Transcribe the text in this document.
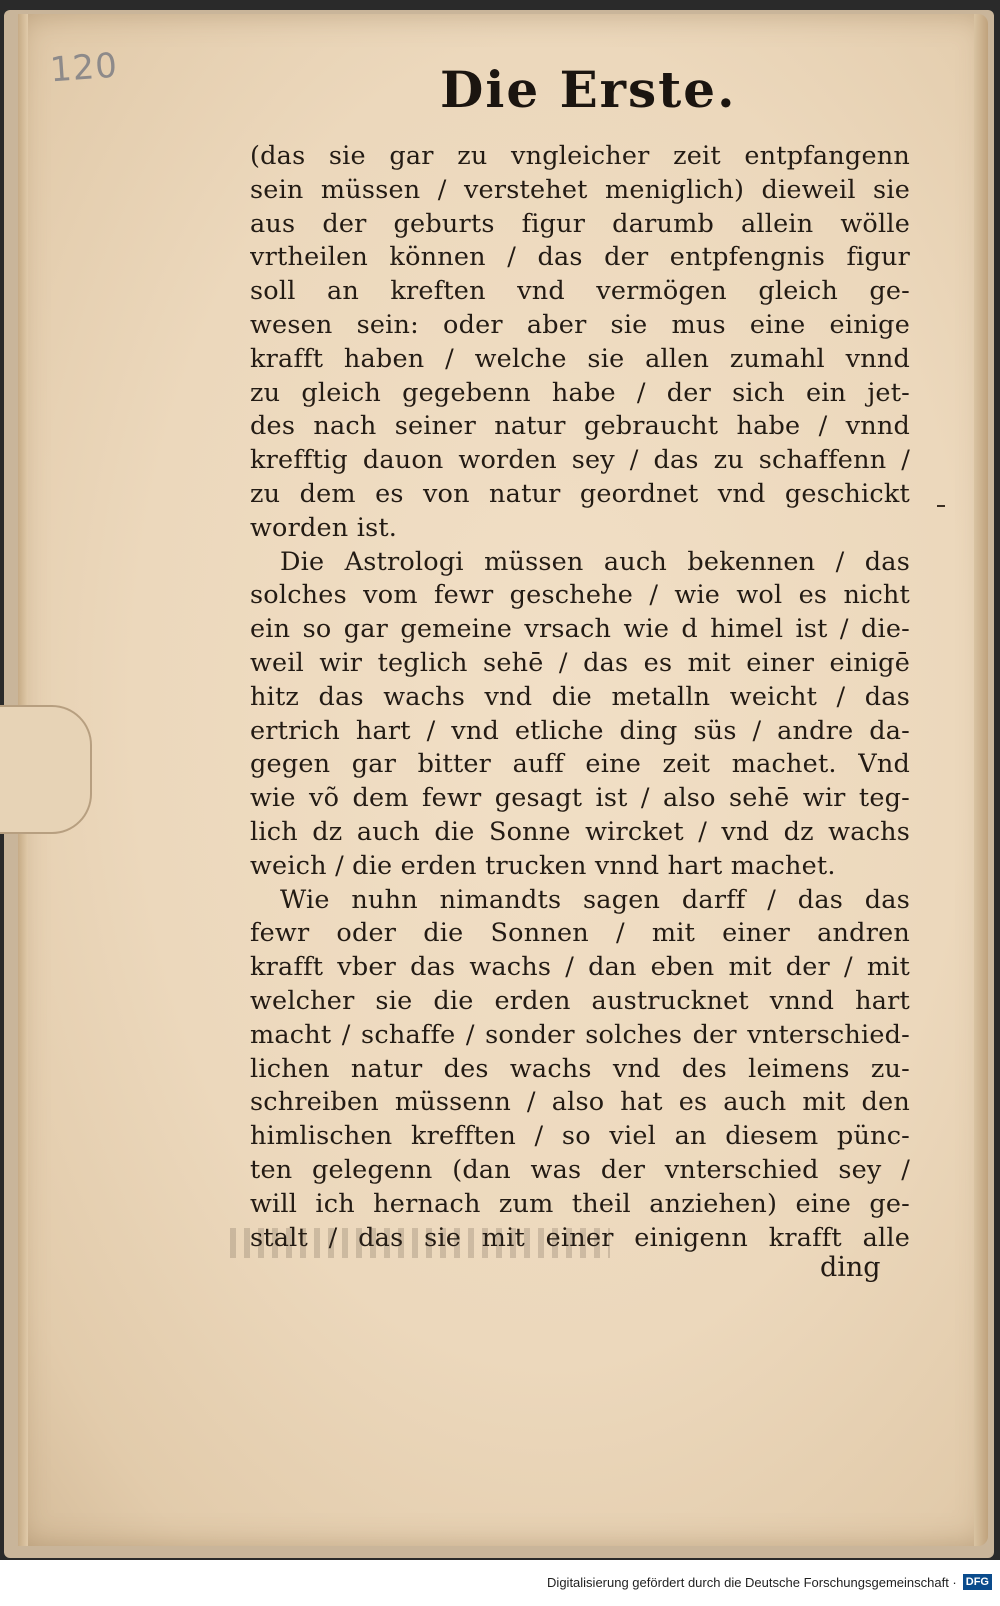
120	Die Erste.
(das sie gar zu vngleicher zeit entpfangenn
sein müssen / verstehet meniglich) dieweil sie
aus der geburts figur darumb allein wölle
vrtheilen können / das der entpfengnis figur
soll an kreften vnd vermögen gleich ge-
wesen sein: oder aber sie mus eine einige
krafft haben / welche sie allen zumahl vnnd
zu gleich gegebenn habe / der sich ein jet-
des nach seiner natur gebraucht habe / vnnd
krefftig dauon worden sey / das zu schaffenn /
zu dem es von natur geordnet vnd geschickt
worden ist.
Die Astrologi müssen auch bekennen / das
solches vom fewr geschehe / wie wol es nicht
ein so gar gemeine vrsach wie d himel ist / die-
weil wir teglich sehē / das es mit einer einigē
hitz das wachs vnd die metalln weicht / das
ertrich hart / vnd etliche ding süs / andre da-
gegen gar bitter auff eine zeit machet. Vnd
wie võ dem fewr gesagt ist / also sehē wir teg-
lich dz auch die Sonne wircket / vnd dz wachs
weich / die erden trucken vnnd hart machet.
Wie nuhn nimandts sagen darff / das das
fewr oder die Sonnen / mit einer andren
krafft vber das wachs / dan eben mit der / mit
welcher sie die erden austrucknet vnnd hart
macht / schaffe / sonder solches der vnterschied-
lichen natur des wachs vnd des leimens zu-
schreiben müssenn / also hat es auch mit den
himlischen krefften / so viel an diesem pünc-
ten gelegenn (dan was der vnterschied sey /
will ich hernach zum theil anziehen) eine ge-
stalt / das sie mit einer einigenn krafft alle
ding
Digitalisierung gefördert durch die Deutsche Forschungsgemeinschaft · DFG
